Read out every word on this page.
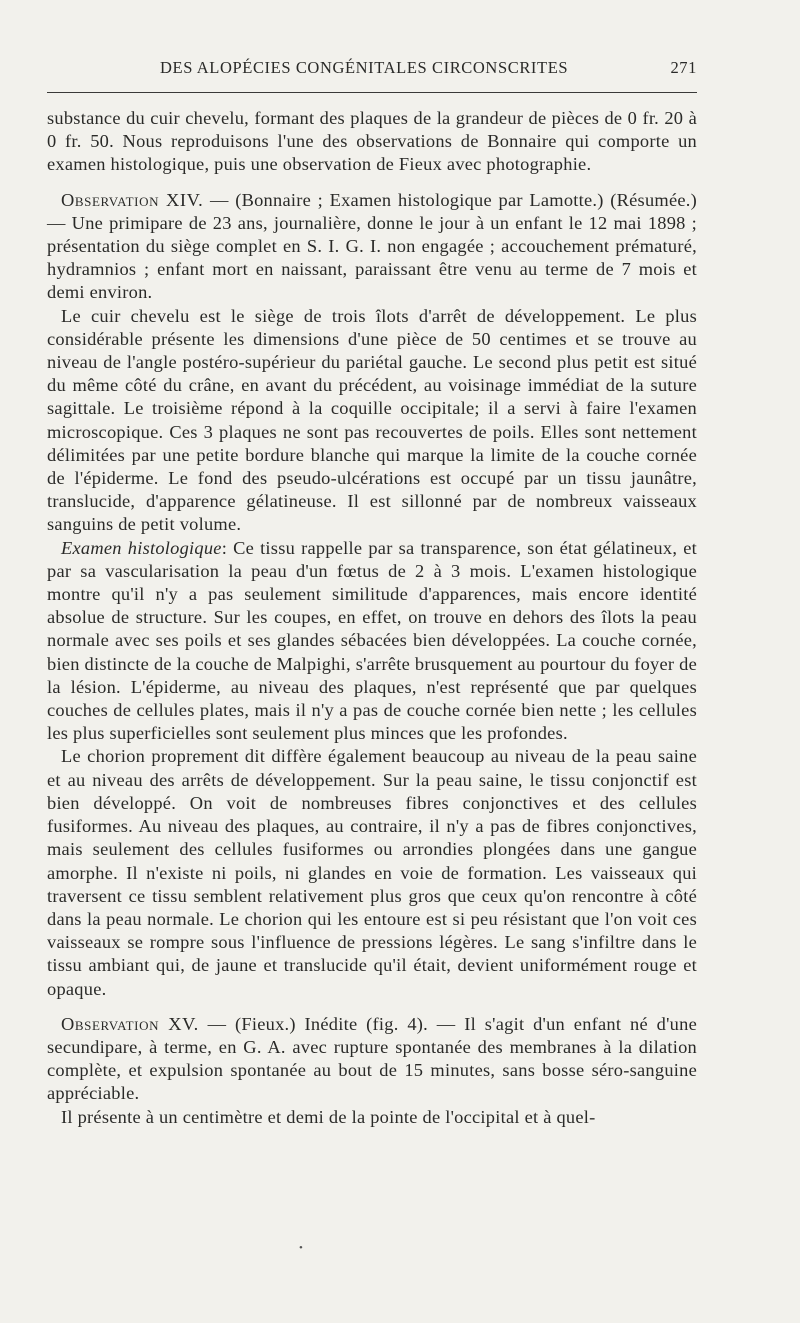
DES ALOPÉCIES CONGÉNITALES CIRCONSCRITES	271

substance du cuir chevelu, formant des plaques de la grandeur de pièces de 0 fr. 20 à 0 fr. 50. Nous reproduisons l'une des observations de Bonnaire qui comporte un examen histologique, puis une observation de Fieux avec photographie.

Observation XIV. — (Bonnaire ; Examen histologique par Lamotte.) (Résumée.) — Une primipare de 23 ans, journalière, donne le jour à un enfant le 12 mai 1898 ; présentation du siège complet en S. I. G. I. non engagée ; accouchement prématuré, hydramnios ; enfant mort en naissant, paraissant être venu au terme de 7 mois et demi environ.

Le cuir chevelu est le siège de trois îlots d'arrêt de développement. Le plus considérable présente les dimensions d'une pièce de 50 centimes et se trouve au niveau de l'angle postéro-supérieur du pariétal gauche. Le second plus petit est situé du même côté du crâne, en avant du précédent, au voisinage immédiat de la suture sagittale. Le troisième répond à la coquille occipitale; il a servi à faire l'examen microscopique. Ces 3 plaques ne sont pas recouvertes de poils. Elles sont nettement délimitées par une petite bordure blanche qui marque la limite de la couche cornée de l'épiderme. Le fond des pseudo-ulcérations est occupé par un tissu jaunâtre, translucide, d'apparence gélatineuse. Il est sillonné par de nombreux vaisseaux sanguins de petit volume.

Examen histologique: Ce tissu rappelle par sa transparence, son état gélatineux, et par sa vascularisation la peau d'un fœtus de 2 à 3 mois. L'examen histologique montre qu'il n'y a pas seulement similitude d'apparences, mais encore identité absolue de structure. Sur les coupes, en effet, on trouve en dehors des îlots la peau normale avec ses poils et ses glandes sébacées bien développées. La couche cornée, bien distincte de la couche de Malpighi, s'arrête brusquement au pourtour du foyer de la lésion. L'épiderme, au niveau des plaques, n'est représenté que par quelques couches de cellules plates, mais il n'y a pas de couche cornée bien nette ; les cellules les plus superficielles sont seulement plus minces que les profondes.

Le chorion proprement dit diffère également beaucoup au niveau de la peau saine et au niveau des arrêts de développement. Sur la peau saine, le tissu conjonctif est bien développé. On voit de nombreuses fibres conjonctives et des cellules fusiformes. Au niveau des plaques, au contraire, il n'y a pas de fibres conjonctives, mais seulement des cellules fusiformes ou arrondies plongées dans une gangue amorphe. Il n'existe ni poils, ni glandes en voie de formation. Les vaisseaux qui traversent ce tissu semblent relativement plus gros que ceux qu'on rencontre à côté dans la peau normale. Le chorion qui les entoure est si peu résistant que l'on voit ces vaisseaux se rompre sous l'influence de pressions légères. Le sang s'infiltre dans le tissu ambiant qui, de jaune et translucide qu'il était, devient uniformément rouge et opaque.

Observation XV. — (Fieux.) Inédite (fig. 4). — Il s'agit d'un enfant né d'une secundipare, à terme, en G. A. avec rupture spontanée des membranes à la dilation complète, et expulsion spontanée au bout de 15 minutes, sans bosse séro-sanguine appréciable.

Il présente à un centimètre et demi de la pointe de l'occipital et à quel-

•
